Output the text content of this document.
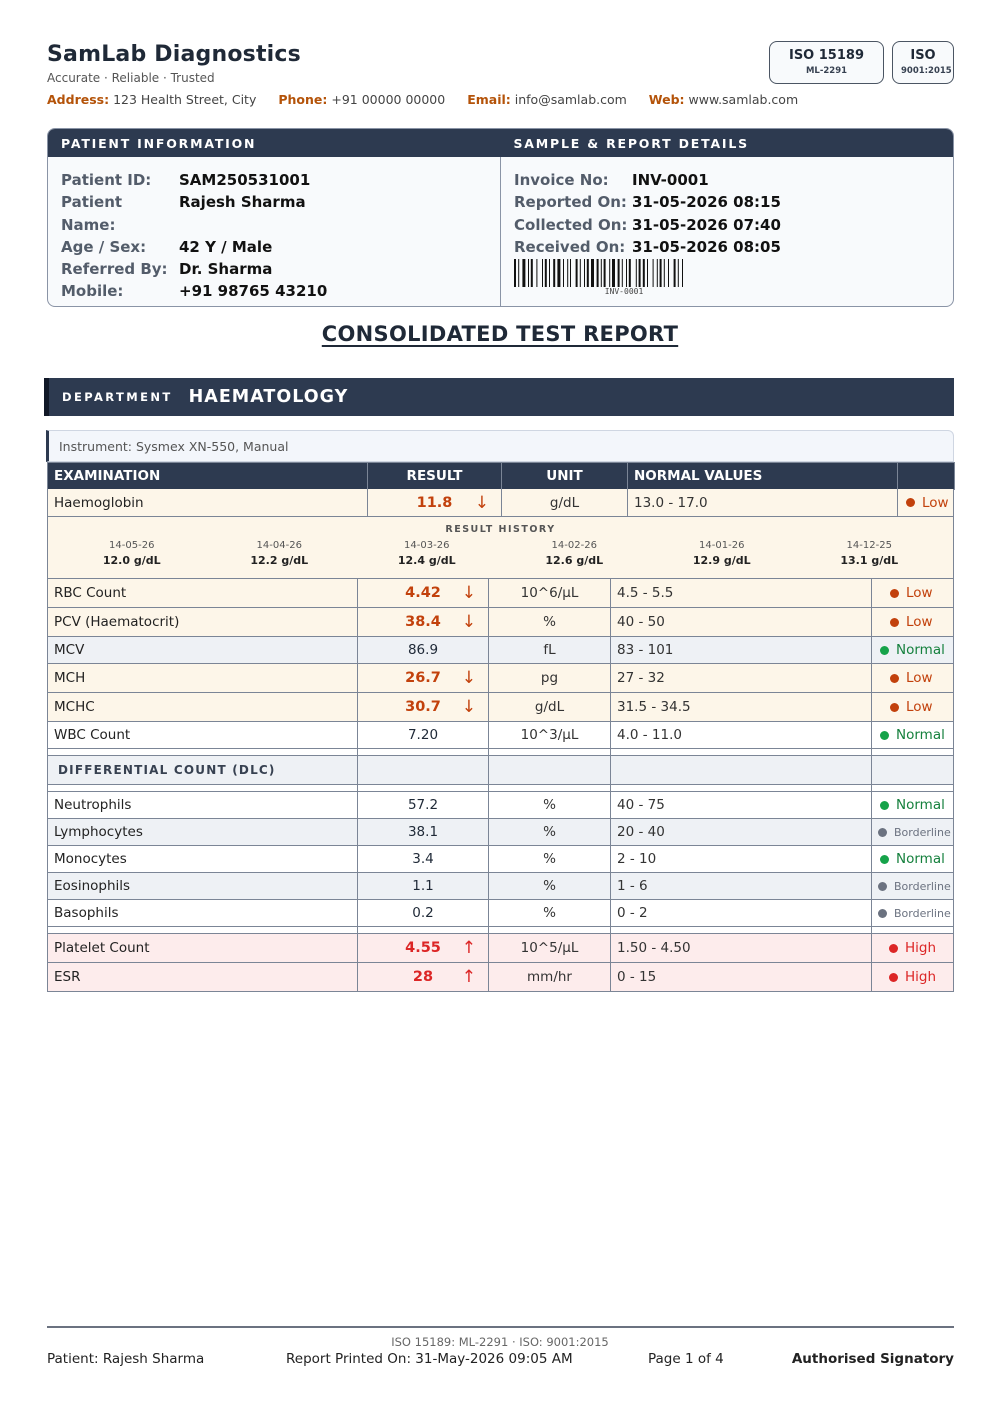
SamLab Diagnostics
Accurate · Reliable · Trusted
Address: 123 Health Street, City Phone: +91 00000 00000 Email: info@samlab.com Web: www.samlab.com
ISO 15189
ML-2291
ISO
9001:2015
PATIENT INFORMATION	SAMPLE & REPORT DETAILS
Patient ID:	SAM250531001
Patient Name:
Rajesh Sharma
Age / Sex:	42 Y / Male
Referred By: Dr. Sharma
Mobile:	+91 98765 43210
Invoice No:	INV-0001
Reported On: 31-05-2026 08:15
Collected On: 31-05-2026 07:40
Received On: 31-05-2026 08:05
INV-0001
CONSOLIDATED TEST REPORT
DEPARTMENT HAEMATOLOGY
Instrument: Sysmex XN-550, Manual
EXAMINATION	RESULT	UNIT	NORMAL VALUES	
Haemoglobin	11.8 ↓	g/dL	13.0 - 17.0	Low
RESULT HISTORY
14-05-26
12.0 g/dL
14-04-26
12.2 g/dL
14-03-26
12.4 g/dL
14-02-26
12.6 g/dL
14-01-26
12.9 g/dL
14-12-25
13.1 g/dL
RBC Count	4.42 ↓	10^6/µL	4.5 - 5.5	Low
PCV (Haematocrit)	38.4 ↓	%	40 - 50	Low
MCV	86.9	fL	83 - 101	Normal
MCH	26.7 ↓	pg	27 - 32	Low
MCHC	30.7 ↓	g/dL	31.5 - 34.5	Low
WBC Count	7.20	10^3/µL	4.0 - 11.0	Normal
DIFFERENTIAL COUNT (DLC)
Neutrophils	57.2	%	40 - 75	Normal
Lymphocytes	38.1	%	20 - 40	Borderline
Monocytes	3.4	%	2 - 10	Normal
Eosinophils	1.1	%	1 - 6	Borderline
Basophils	0.2	%	0 - 2	Borderline
Platelet Count	4.55 ↑	10^5/µL	1.50 - 4.50	High
ESR	28 ↑	mm/hr	0 - 15	High
ISO 15189: ML-2291 · ISO: 9001:2015
Patient: Rajesh Sharma	Report Printed On: 31-May-2026 09:05 AM	Page 1 of 4	Authorised Signatory
